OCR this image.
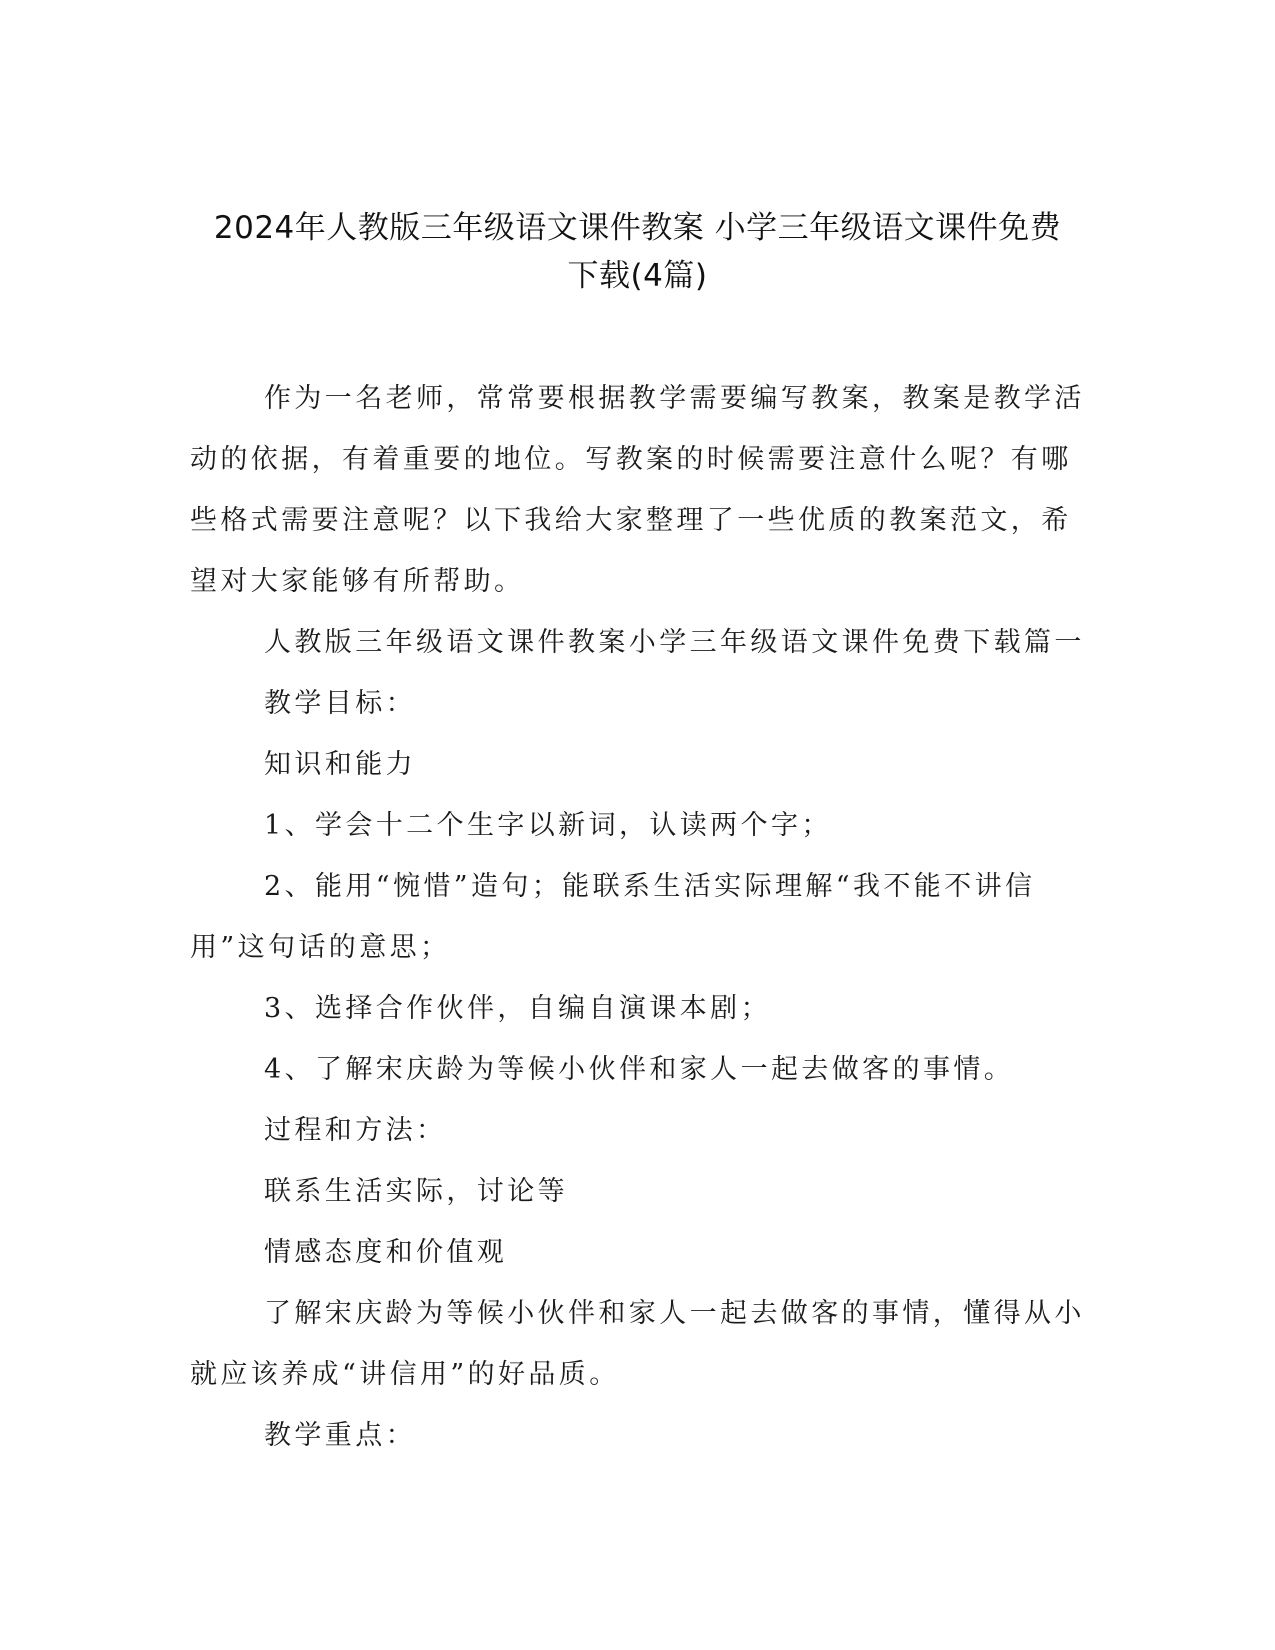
2024年人教版三年级语文课件教案 小学三年级语文课件免费
下载(4篇)

作为一名老师，常常要根据教学需要编写教案，教案是教学活动的依据，有着重要的地位。写教案的时候需要注意什么呢？有哪些格式需要注意呢？以下我给大家整理了一些优质的教案范文，希望对大家能够有所帮助。

人教版三年级语文课件教案小学三年级语文课件免费下载篇一

教学目标：

知识和能力

1、学会十二个生字以新词，认读两个字；

2、能用“惋惜”造句；能联系生活实际理解“我不能不讲信用”这句话的意思；

3、选择合作伙伴，自编自演课本剧；

4、了解宋庆龄为等候小伙伴和家人一起去做客的事情。

过程和方法：

联系生活实际，讨论等

情感态度和价值观

了解宋庆龄为等候小伙伴和家人一起去做客的事情，懂得从小就应该养成“讲信用”的好品质。

教学重点：
